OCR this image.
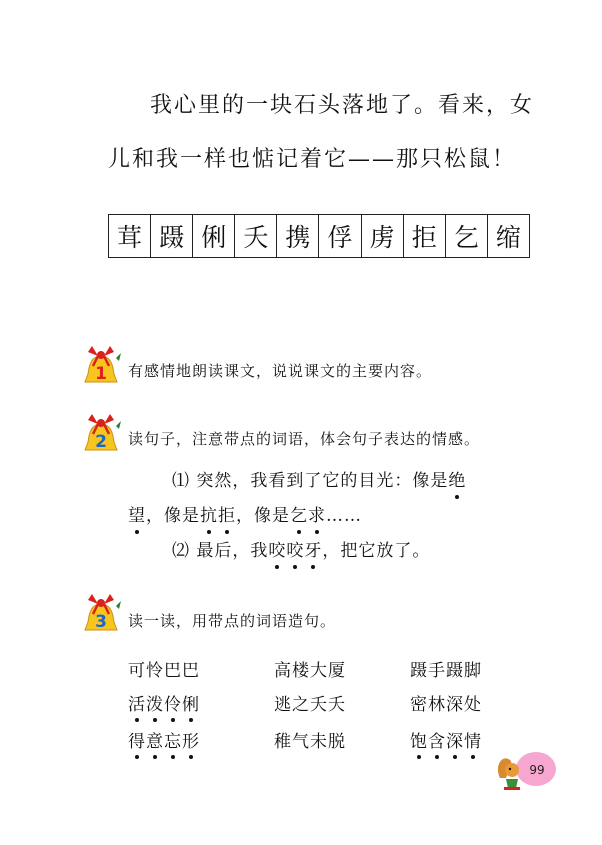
我心里的一块石头落地了。看来，女
儿和我一样也惦记着它——那只松鼠！
茸 蹑 俐 夭 携 俘 虏 拒 乞 缩
1 有感情地朗读课文，说说课文的主要内容。
2 读句子，注意带点的词语，体会句子表达的情感。
⑴ 突然，我看到了它的目光：像是绝
望，像是抗拒，像是乞求……
⑵ 最后，我咬咬牙，把它放了。
3 读一读，用带点的词语造句。
可怜巴巴
活泼伶俐
得意忘形
高楼大厦
逃之夭夭
稚气未脱
蹑手蹑脚
密林深处
饱含深情
99
